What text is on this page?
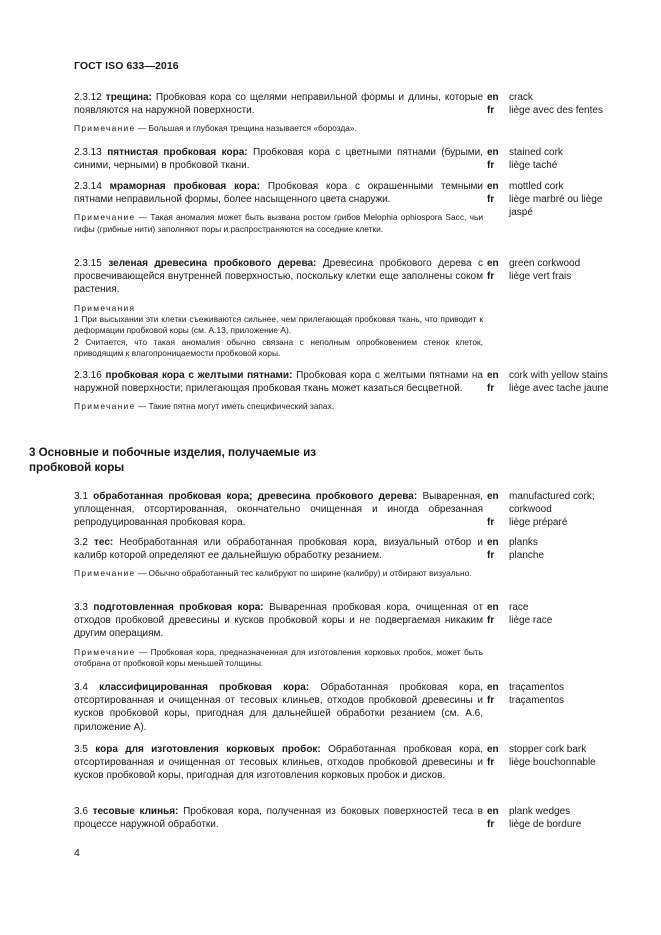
ГОСТ ISO 633—2016

2.3.12 трещина: Пробковая кора со щелями неправильной формы и длины, которые появляются на наружной поверхности.

Примечание — Большая и глубокая трещина называется «борозда».

en crack
fr liège avec des fentes

2.3.13 пятнистая пробковая кора: Пробковая кора с цветными пятнами (бурыми, синими, черными) в пробковой ткани.

en stained cork
fr liège taché

2.3.14 мраморная пробковая кора: Пробковая кора с окрашенными темными пятнами неправильной формы, более насыщенного цвета снаружи.

Примечание — Такая аномалия может быть вызвана ростом грибов Melophia ophiospora Sacc, чьи гифы (грибные нити) заполняют поры и распространяются на соседние клетки.

en mottled cork
fr liège marbré ou liège jaspé

2.3.15 зеленая древесина пробкового дерева: Древесина пробкового дерева с просвечивающейся внутренней поверхностью, поскольку клетки еще заполнены соком растения.

Примечания
1 При высыхании эти клетки съеживаются сильнее, чем прилегающая пробковая ткань, что приводит к деформации пробковой коры (см. А.13, приложение А).
2 Считается, что такая аномалия обычно связана с неполным опробковением стенок клеток, приводящим к влагопроницаемости пробковой коры.

en green corkwood
fr liège vert frais

2.3.16 пробковая кора с желтыми пятнами: Пробковая кора с желтыми пятнами на наружной поверхности; прилегающая пробковая ткань может казаться бесцветной.

Примечание — Такие пятна могут иметь специфический запах.

en cork with yellow stains
fr liège avec tache jaune

3.1 обработанная пробковая кора; древесина пробкового дерева: Вываренная, уплощенная, отсортированная, окончательно очищенная и иногда обрезанная репродуцированная пробковая кора.

en manufactured cork; corkwood
fr liège préparé

3.2 тес: Необработанная или обработанная пробковая кора, визуальный отбор и калибр которой определяют ее дальнейшую обработку резанием.

Примечание — Обычно обработанный тес калибруют по ширине (калибру) и отбирают визуально.

en planks
fr planche

3.3 подготовленная пробковая кора: Вываренная пробковая кора, очищенная от отходов пробковой древесины и кусков пробковой коры и не подвергаемая никаким другим операциям.

Примечание — Пробковая кора, предназначенная для изготовления корковых пробок, может быть отобрана от пробковой коры меньшей толщины.

en race
fr liège race

3.4 классифицированная пробковая кора: Обработанная пробковая кора, отсортированная и очищенная от тесовых клиньев, отходов пробковой древесины и кусков пробковой коры, пригодная для дальнейшей обработки резанием (см. А.6, приложение А).

en traçamentos
fr traçamentos

3.5 кора для изготовления корковых пробок: Обработанная пробковая кора, отсортированная и очищенная от тесовых клиньев, отходов пробковой древесины и кусков пробковой коры, пригодная для изготовления корковых пробок и дисков.

en stopper cork bark
fr liège bouchonnable

3.6 тесовые клинья: Пробковая кора, полученная из боковых поверхностей теса в процессе наружной обработки.

en plank wedges
fr liège de bordure
3 Основные и побочные изделия, получаемые из пробковой коры
4
